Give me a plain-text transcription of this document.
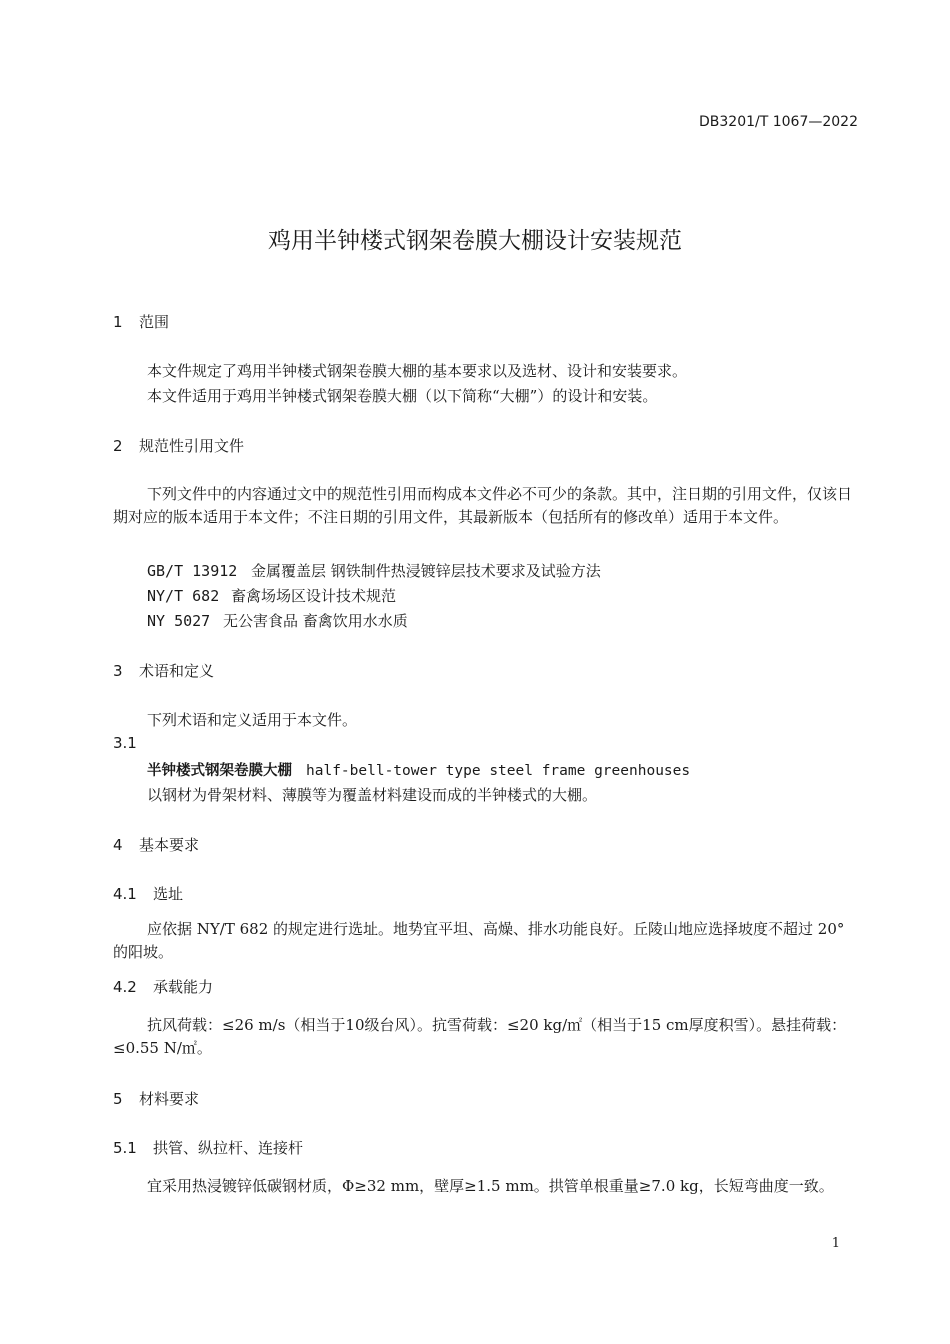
DB3201/T 1067—2022
鸡用半钟楼式钢架卷膜大棚设计安装规范
1 范围
本文件规定了鸡用半钟楼式钢架卷膜大棚的基本要求以及选材、设计和安装要求。
本文件适用于鸡用半钟楼式钢架卷膜大棚（以下简称“大棚”）的设计和安装。
2 规范性引用文件
下列文件中的内容通过文中的规范性引用而构成本文件必不可少的条款。其中，注日期的引用文件，仅该日期对应的版本适用于本文件；不注日期的引用文件，其最新版本（包括所有的修改单）适用于本文件。
GB/T 13912 金属覆盖层 钢铁制件热浸镀锌层技术要求及试验方法
NY/T 682 畜禽场场区设计技术规范
NY 5027 无公害食品 畜禽饮用水水质
3 术语和定义
下列术语和定义适用于本文件。
3.1
半钟楼式钢架卷膜大棚 half-bell-tower type steel frame greenhouses
以钢材为骨架材料、薄膜等为覆盖材料建设而成的半钟楼式的大棚。
4 基本要求
4.1 选址
应依据 NY/T 682 的规定进行选址。地势宜平坦、高燥、排水功能良好。丘陵山地应选择坡度不超过 20° 的阳坡。
4.2 承载能力
抗风荷载：≤26 m/s（相当于10级台风）。抗雪荷载：≤20 kg/㎡（相当于15 cm厚度积雪）。悬挂荷载：≤0.55 N/㎡。
5 材料要求
5.1 拱管、纵拉杆、连接杆
宜采用热浸镀锌低碳钢材质，Φ≥32 mm，壁厚≥1.5 mm。拱管单根重量≥7.0 kg，长短弯曲度一致。
1
